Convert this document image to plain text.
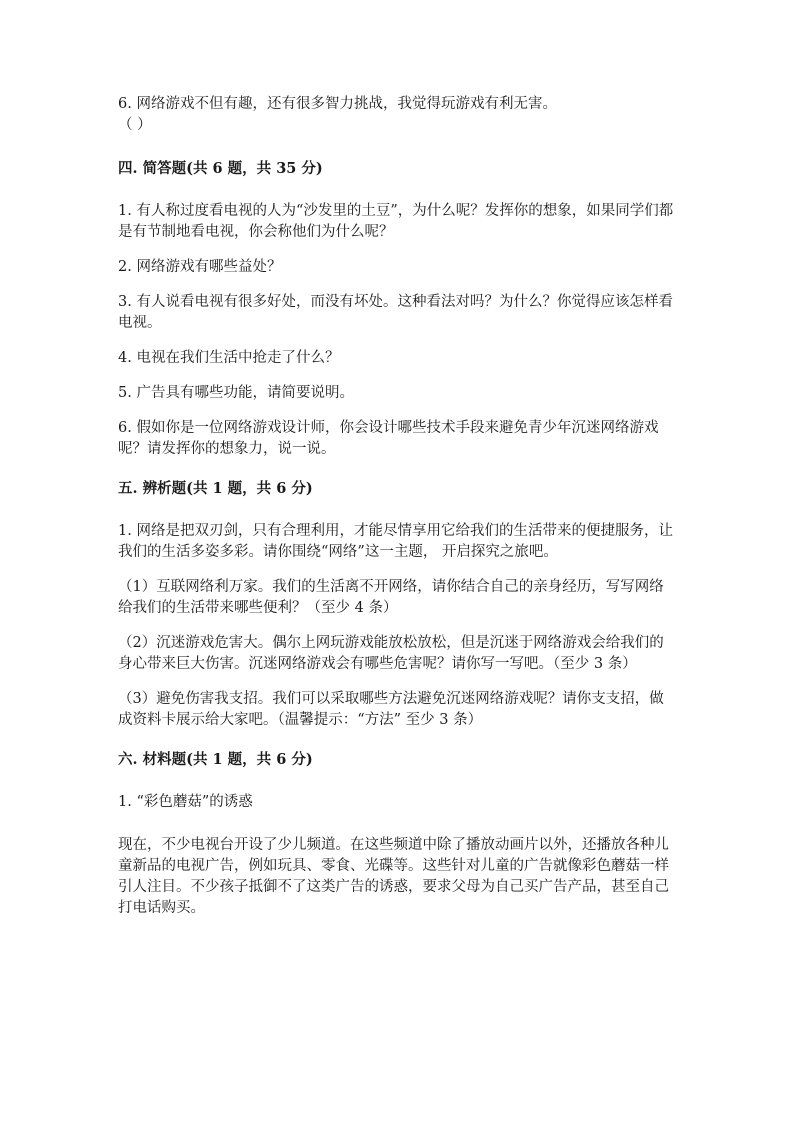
6. 网络游戏不但有趣，还有很多智力挑战，我觉得玩游戏有利无害。

（ ）

四. 简答题(共 6 题，共 35 分)

1. 有人称过度看电视的人为“沙发里的土豆”，为什么呢？发挥你的想象，如果同学们都是有节制地看电视，你会称他们为什么呢？

2. 网络游戏有哪些益处？

3. 有人说看电视有很多好处，而没有坏处。这种看法对吗？为什么？你觉得应该怎样看电视。

4. 电视在我们生活中抢走了什么？

5. 广告具有哪些功能，请简要说明。

6. 假如你是一位网络游戏设计师，你会设计哪些技术手段来避免青少年沉迷网络游戏呢？请发挥你的想象力，说一说。

五. 辨析题(共 1 题，共 6 分)

1. 网络是把双刃剑，只有合理利用，才能尽情享用它给我们的生活带来的便捷服务，让我们的生活多姿多彩。请你围绕“网络”这一主题， 开启探究之旅吧。

（1）互联网络利万家。我们的生活离不开网络，请你结合自己的亲身经历，写写网络给我们的生活带来哪些便利？（至少 4 条）

（2）沉迷游戏危害大。偶尔上网玩游戏能放松放松，但是沉迷于网络游戏会给我们的身心带来巨大伤害。沉迷网络游戏会有哪些危害呢？请你写一写吧。（至少 3 条）

（3）避免伤害我支招。我们可以采取哪些方法避免沉迷网络游戏呢？请你支支招，做成资料卡展示给大家吧。（温馨提示：“方法” 至少 3 条）

六. 材料题(共 1 题，共 6 分)

1. “彩色蘑菇”的诱惑

现在，不少电视台开设了少儿频道。在这些频道中除了播放动画片以外，还播放各种儿童新品的电视广告，例如玩具、零食、光碟等。这些针对儿童的广告就像彩色蘑菇一样引人注目。不少孩子抵御不了这类广告的诱惑，要求父母为自己买广告产品，甚至自己打电话购买。
